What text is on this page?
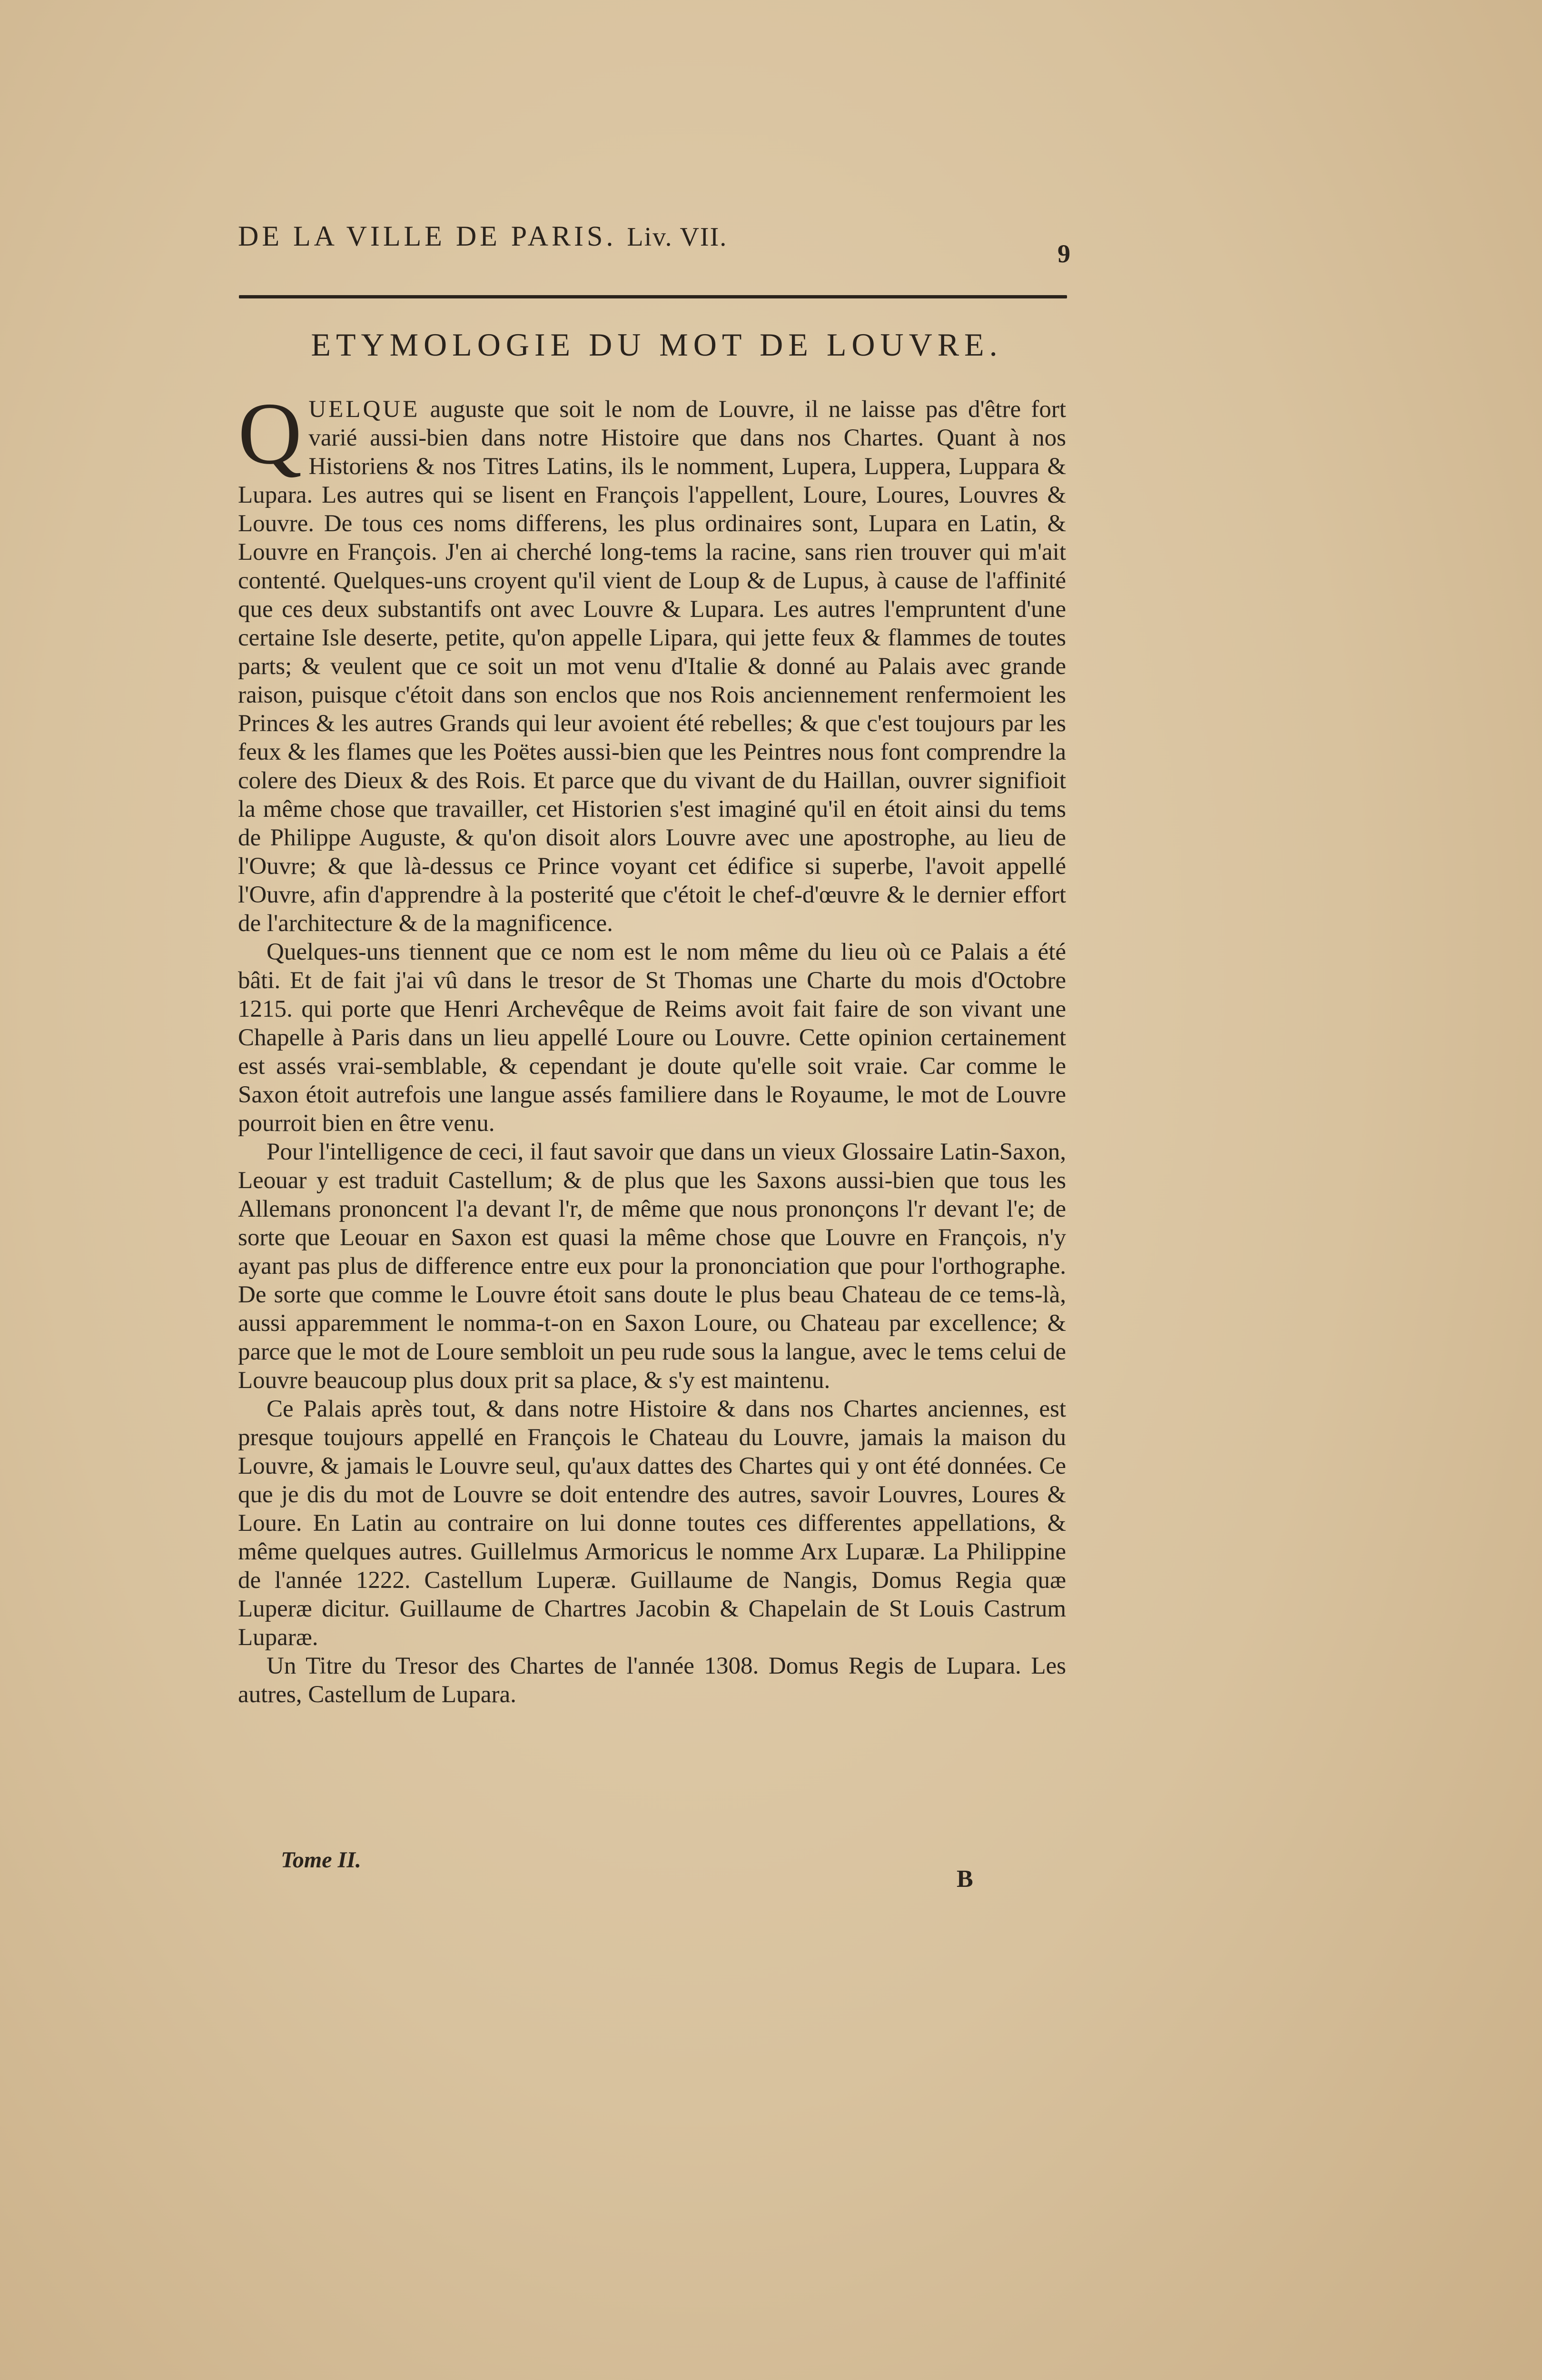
DE LA VILLE DE PARIS. Liv. VII.
9
ETYMOLOGIE DU MOT DE LOUVRE.

Q UELQUE auguste que soit le nom de Louvre, il ne laisse pas d'être fort varié aussi-bien dans notre Histoire que dans nos Chartes. Quant à nos Historiens & nos Titres Latins, ils le nomment, Lupera, Luppera, Luppara & Lupara. Les autres qui se lisent en François l'appellent, Loure, Loures, Louvres & Louvre. De tous ces noms differens, les plus ordinaires sont, Lupara en Latin, & Louvre en François. J'en ai cherché long-tems la racine, sans rien trouver qui m'ait contenté. Quelques-uns croyent qu'il vient de Loup & de Lupus, à cause de l'affinité que ces deux substantifs ont avec Louvre & Lupara. Les autres l'empruntent d'une certaine Isle deserte, petite, qu'on appelle Lipara, qui jette feux & flammes de toutes parts; & veulent que ce soit un mot venu d'Italie & donné au Palais avec grande raison, puisque c'étoit dans son enclos que nos Rois anciennement renfermoient les Princes & les autres Grands qui leur avoient été rebelles; & que c'est toujours par les feux & les flames que les Poëtes aussi-bien que les Peintres nous font comprendre la colere des Dieux & des Rois. Et parce que du vivant de du Haillan, ouvrer signifioit la même chose que travailler, cet Historien s'est imaginé qu'il en étoit ainsi du tems de Philippe Auguste, & qu'on disoit alors Louvre avec une apostrophe, au lieu de l'Ouvre; & que là-dessus ce Prince voyant cet édifice si superbe, l'avoit appellé l'Ouvre, afin d'apprendre à la posterité que c'étoit le chef-d'œuvre & le dernier effort de l'architecture & de la magnificence.

Quelques-uns tiennent que ce nom est le nom même du lieu où ce Palais a été bâti. Et de fait j'ai vû dans le tresor de St Thomas une Charte du mois d'Octobre 1215. qui porte que Henri Archevêque de Reims avoit fait faire de son vivant une Chapelle à Paris dans un lieu appellé Loure ou Louvre. Cette opinion certainement est assés vrai-semblable, & cependant je doute qu'elle soit vraie. Car comme le Saxon étoit autrefois une langue assés familiere dans le Royaume, le mot de Louvre pourroit bien en être venu.

Pour l'intelligence de ceci, il faut savoir que dans un vieux Glossaire Latin-Saxon, Leouar y est traduit Castellum; & de plus que les Saxons aussi-bien que tous les Allemans prononcent l'a devant l'r, de même que nous prononçons l'r devant l'e; de sorte que Leouar en Saxon est quasi la même chose que Louvre en François, n'y ayant pas plus de difference entre eux pour la prononciation que pour l'orthographe. De sorte que comme le Louvre étoit sans doute le plus beau Chateau de ce tems-là, aussi apparemment le nomma-t-on en Saxon Loure, ou Chateau par excellence; & parce que le mot de Loure sembloit un peu rude sous la langue, avec le tems celui de Louvre beaucoup plus doux prit sa place, & s'y est maintenu.

Ce Palais après tout, & dans notre Histoire & dans nos Chartes anciennes, est presque toujours appellé en François le Chateau du Louvre, jamais la maison du Louvre, & jamais le Louvre seul, qu'aux dattes des Chartes qui y ont été données. Ce que je dis du mot de Louvre se doit entendre des autres, savoir Louvres, Loures & Loure. En Latin au contraire on lui donne toutes ces differentes appellations, & même quelques autres. Guillelmus Armoricus le nomme Arx Luparæ. La Philippine de l'année 1222. Castellum Luperæ. Guillaume de Nangis, Domus Regia quæ Luperæ dicitur. Guillaume de Chartres Jacobin & Chapelain de St Louis Castrum Luparæ.

Un Titre du Tresor des Chartes de l'année 1308. Domus Regis de Lupara. Les autres, Castellum de Lupara.

Tome II.
B
